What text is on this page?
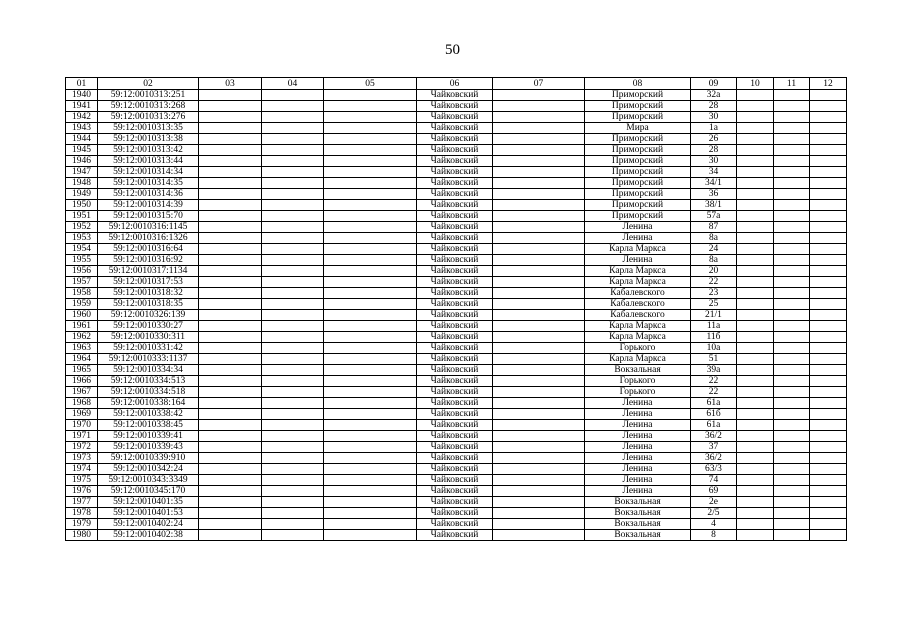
50
01	02	03	04	05	06	07	08	09	10	11	12
1940	59:12:0010313:251				Чайковский		Приморский	32а			
1941	59:12:0010313:268				Чайковский		Приморский	28			
1942	59:12:0010313:276				Чайковский		Приморский	30			
1943	59:12:0010313:35				Чайковский		Мира	1а			
1944	59:12:0010313:38				Чайковский		Приморский	26			
1945	59:12:0010313:42				Чайковский		Приморский	28			
1946	59:12:0010313:44				Чайковский		Приморский	30			
1947	59:12:0010314:34				Чайковский		Приморский	34			
1948	59:12:0010314:35				Чайковский		Приморский	34/1			
1949	59:12:0010314:36				Чайковский		Приморский	36			
1950	59:12:0010314:39				Чайковский		Приморский	38/1			
1951	59:12:0010315:70				Чайковский		Приморский	57а			
1952	59:12:0010316:1145				Чайковский		Ленина	87			
1953	59:12:0010316:1326				Чайковский		Ленина	8а			
1954	59:12:0010316:64				Чайковский		Карла Маркса	24			
1955	59:12:0010316:92				Чайковский		Ленина	8а			
1956	59:12:0010317:1134				Чайковский		Карла Маркса	20			
1957	59:12:0010317:53				Чайковский		Карла Маркса	22			
1958	59:12:0010318:32				Чайковский		Кабалевского	23			
1959	59:12:0010318:35				Чайковский		Кабалевского	25			
1960	59:12:0010326:139				Чайковский		Кабалевского	21/1			
1961	59:12:0010330:27				Чайковский		Карла Маркса	11а			
1962	59:12:0010330:311				Чайковский		Карла Маркса	11б			
1963	59:12:0010331:42				Чайковский		Горького	10а			
1964	59:12:0010333:1137				Чайковский		Карла Маркса	51			
1965	59:12:0010334:34				Чайковский		Вокзальная	39а			
1966	59:12:0010334:513				Чайковский		Горького	22			
1967	59:12:0010334:518				Чайковский		Горького	22			
1968	59:12:0010338:164				Чайковский		Ленина	61а			
1969	59:12:0010338:42				Чайковский		Ленина	61б			
1970	59:12:0010338:45				Чайковский		Ленина	61а			
1971	59:12:0010339:41				Чайковский		Ленина	36/2			
1972	59:12:0010339:43				Чайковский		Ленина	37			
1973	59:12:0010339:910				Чайковский		Ленина	36/2			
1974	59:12:0010342:24				Чайковский		Ленина	63/3			
1975	59:12:0010343:3349				Чайковский		Ленина	74			
1976	59:12:0010345:170				Чайковский		Ленина	69			
1977	59:12:0010401:35				Чайковский		Вокзальная	2е			
1978	59:12:0010401:53				Чайковский		Вокзальная	2/5			
1979	59:12:0010402:24				Чайковский		Вокзальная	4			
1980	59:12:0010402:38				Чайковский		Вокзальная	8			
